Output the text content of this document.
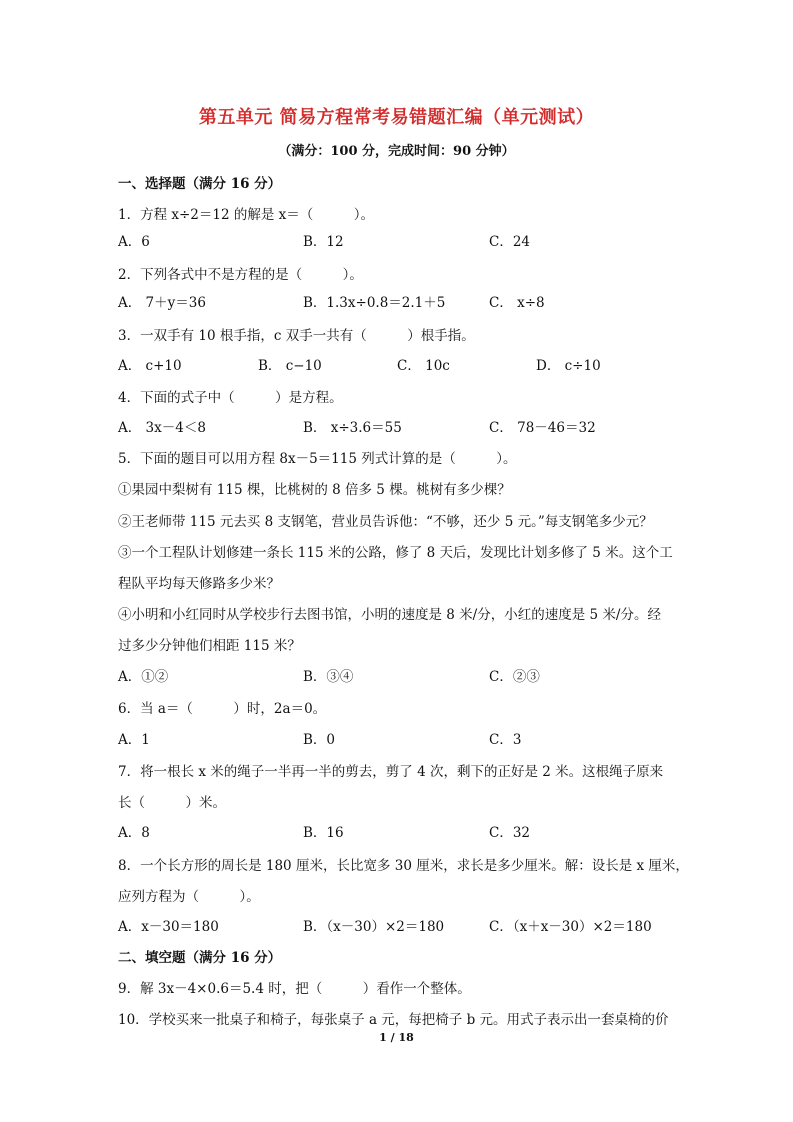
第五单元 简易方程常考易错题汇编（单元测试）
（满分：100 分，完成时间：90 分钟）
一、选择题（满分 16 分）
1．方程 x÷2＝12 的解是 x＝（　　　）。
A．6	B．12	C．24
2．下列各式中不是方程的是（　　　）。
A． 7＋y＝36	B．1.3x÷0.8＝2.1＋5	C． x÷8
3．一双手有 10 根手指，c 双手一共有（　　　）根手指。
A． c+10	B． c−10	C． 10c	D． c÷10
4．下面的式子中（　　　）是方程。
A． 3x－4＜8	B． x÷3.6＝55	C． 78－46＝32
5．下面的题目可以用方程 8x－5＝115 列式计算的是（　　　）。
①果园中梨树有 115 棵，比桃树的 8 倍多 5 棵。桃树有多少棵？
②王老师带 115 元去买 8 支钢笔，营业员告诉他：“不够，还少 5 元。”每支钢笔多少元？
③一个工程队计划修建一条长 115 米的公路，修了 8 天后，发现比计划多修了 5 米。这个工
程队平均每天修路多少米？
④小明和小红同时从学校步行去图书馆，小明的速度是 8 米/分，小红的速度是 5 米/分。经
过多少分钟他们相距 115 米？
A．①②	B．③④	C．②③
6．当 a＝（　　　）时，2a＝0。
A．1	B．0	C．3
7．将一根长 x 米的绳子一半再一半的剪去，剪了 4 次，剩下的正好是 2 米。这根绳子原来
长（　　　）米。
A．8	B．16	C．32
8．一个长方形的周长是 180 厘米，长比宽多 30 厘米，求长是多少厘米。解：设长是 x 厘米，
应列方程为（　　　）。
A．x－30＝180	B．（x－30）×2＝180	C．（x＋x－30）×2＝180
二、填空题（满分 16 分）
9．解 3x－4×0.6＝5.4 时，把（　　　）看作一个整体。
10．学校买来一批桌子和椅子，每张桌子 a 元，每把椅子 b 元。用式子表示出一套桌椅的价
1 / 18
